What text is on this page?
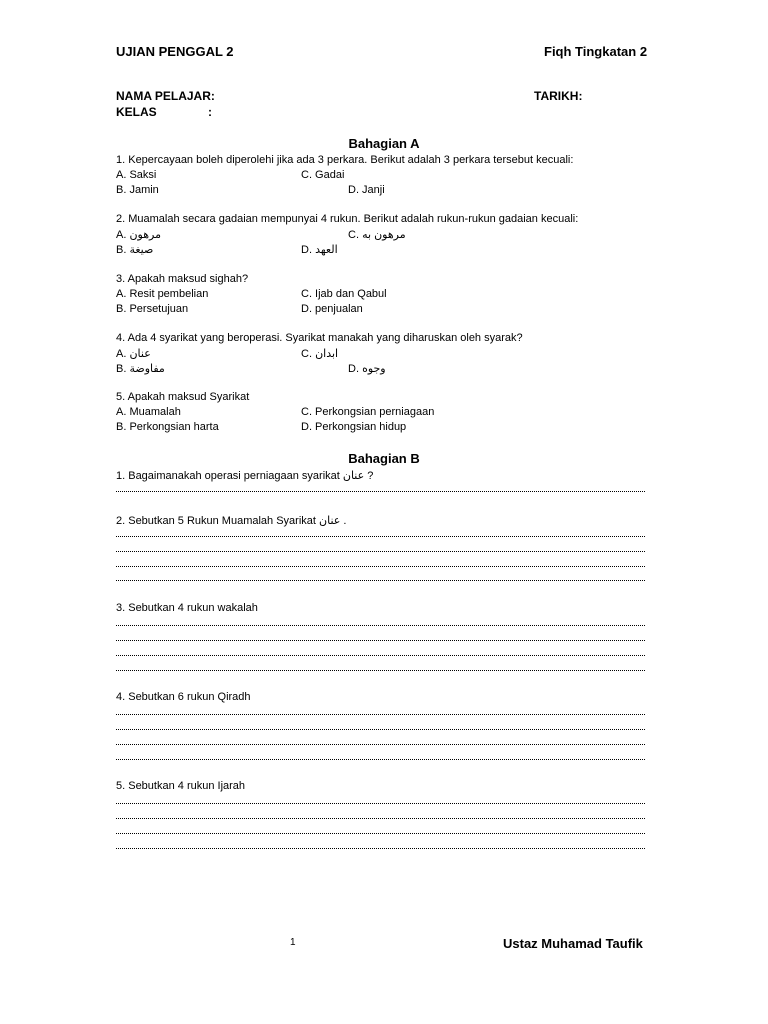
UJIAN PENGGAL 2	Fiqh Tingkatan 2
NAMA PELAJAR:	TARIKH:
KELAS	:
Bahagian A
1. Kepercayaan boleh diperolehi jika ada 3 perkara. Berikut adalah 3 perkara tersebut kecuali:
A. Saksi	C. Gadai
B. Jamin	D. Janji
2. Muamalah secara gadaian mempunyai 4 rukun. Berikut adalah rukun-rukun gadaian kecuali:
A. مرهون	C. مرهون به
B. صيغة	D. العهد
3. Apakah maksud sighah?
A. Resit pembelian	C. Ijab dan Qabul
B. Persetujuan	D. penjualan
4. Ada 4 syarikat yang beroperasi. Syarikat manakah yang diharuskan oleh syarak?
A. عنان	C. ابدان
B. مفاوضة	D. وجوه
5. Apakah maksud Syarikat
A. Muamalah	C. Perkongsian perniagaan
B. Perkongsian harta	D. Perkongsian hidup
Bahagian B
1. Bagaimanakah operasi perniagaan syarikat عنان ?
2. Sebutkan 5 Rukun Muamalah Syarikat عنان .
3. Sebutkan 4 rukun wakalah
4. Sebutkan 6 rukun Qiradh
5. Sebutkan 4 rukun Ijarah
1	Ustaz Muhamad Taufik
